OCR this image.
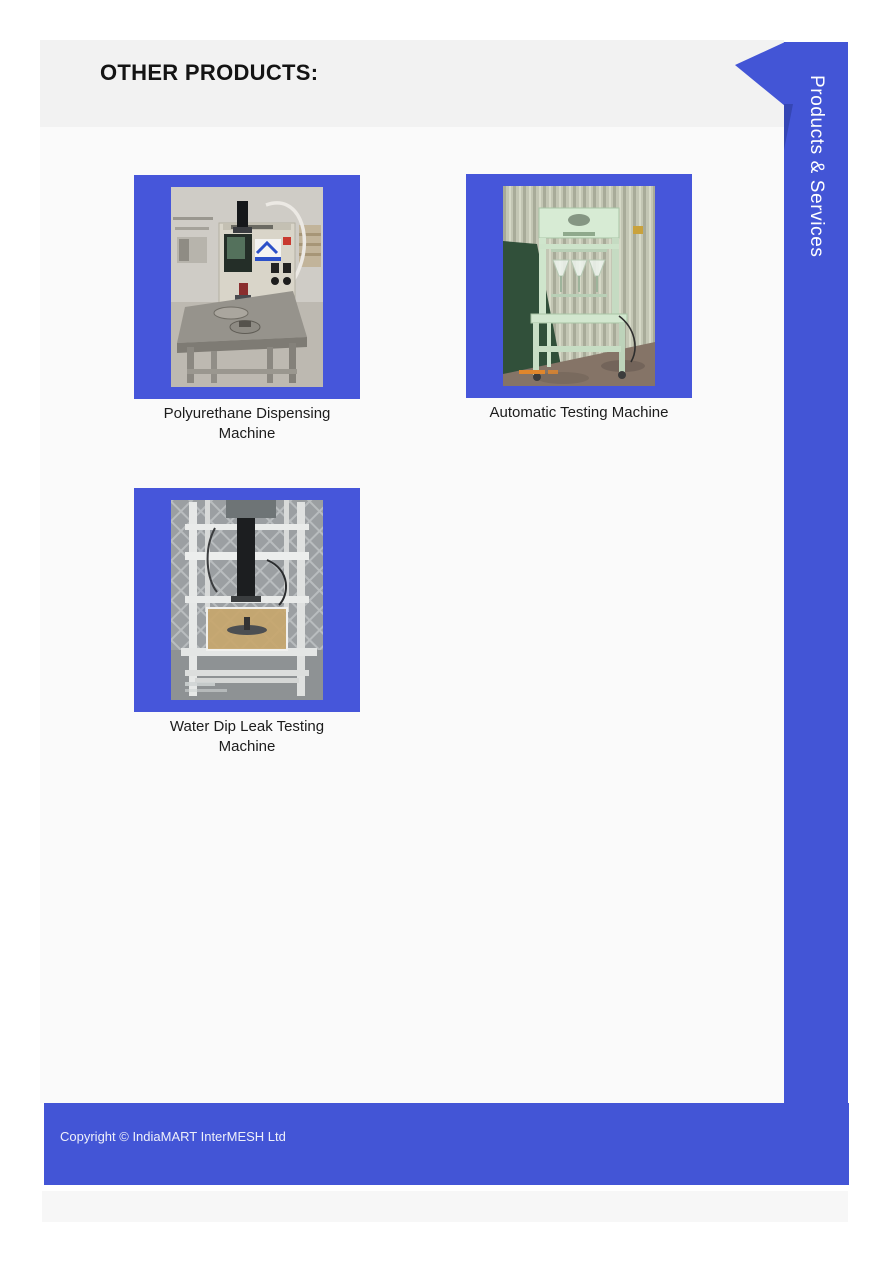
OTHER PRODUCTS:
Polyurethane Dispensing Machine
Automatic Testing Machine
Water Dip Leak Testing Machine
Products & Services
Copyright © IndiaMART InterMESH Ltd
